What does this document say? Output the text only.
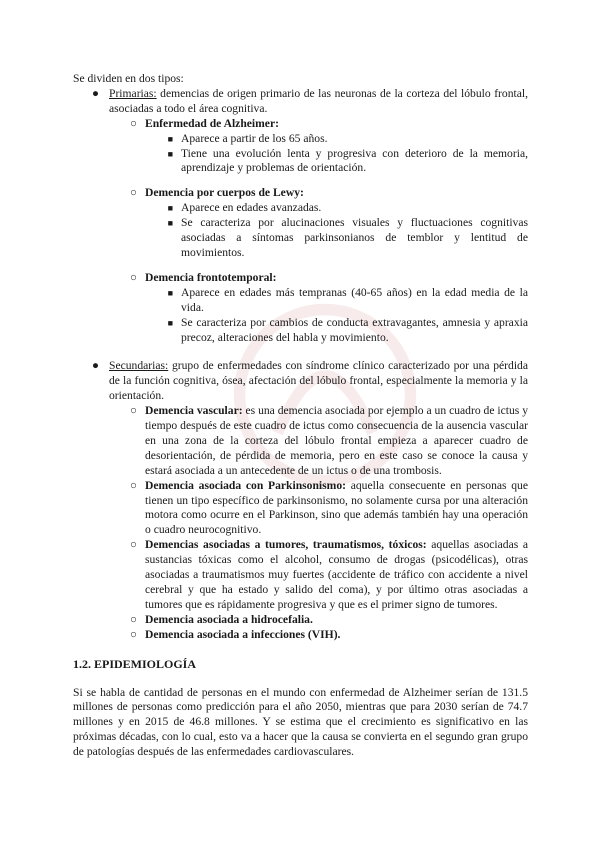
Se dividen en dos tipos:

● Primarias: demencias de origen primario de las neuronas de la corteza del lóbulo frontal, asociadas a todo el área cognitiva.

○ Enfermedad de Alzheimer:

■ Aparece a partir de los 65 años.

■ Tiene una evolución lenta y progresiva con deterioro de la memoria, aprendizaje y problemas de orientación.

○ Demencia por cuerpos de Lewy:

■ Aparece en edades avanzadas.

■ Se caracteriza por alucinaciones visuales y fluctuaciones cognitivas asociadas a síntomas parkinsonianos de temblor y lentitud de movimientos.

○ Demencia frontotemporal:

■ Aparece en edades más tempranas (40-65 años) en la edad media de la vida.

■ Se caracteriza por cambios de conducta extravagantes, amnesia y apraxia precoz, alteraciones del habla y movimiento.

● Secundarias: grupo de enfermedades con síndrome clínico caracterizado por una pérdida de la función cognitiva, ósea, afectación del lóbulo frontal, especialmente la memoria y la orientación.

○ Demencia vascular: es una demencia asociada por ejemplo a un cuadro de ictus y tiempo después de este cuadro de ictus como consecuencia de la ausencia vascular en una zona de la corteza del lóbulo frontal empieza a aparecer cuadro de desorientación, de pérdida de memoria, pero en este caso se conoce la causa y estará asociada a un antecedente de un ictus o de una trombosis.

○ Demencia asociada con Parkinsonismo: aquella consecuente en personas que tienen un tipo específico de parkinsonismo, no solamente cursa por una alteración motora como ocurre en el Parkinson, sino que además también hay una operación o cuadro neurocognitivo.

○ Demencias asociadas a tumores, traumatismos, tóxicos: aquellas asociadas a sustancias tóxicas como el alcohol, consumo de drogas (psicodélicas), otras asociadas a traumatismos muy fuertes (accidente de tráfico con accidente a nivel cerebral y que ha estado y salido del coma), y por último otras asociadas a tumores que es rápidamente progresiva y que es el primer signo de tumores.

○ Demencia asociada a hidrocefalia.

○ Demencia asociada a infecciones (VIH).

1.2. EPIDEMIOLOGÍA

Si se habla de cantidad de personas en el mundo con enfermedad de Alzheimer serían de 131.5 millones de personas como predicción para el año 2050, mientras que para 2030 serían de 74.7 millones y en 2015 de 46.8 millones. Y se estima que el crecimiento es significativo en las próximas décadas, con lo cual, esto va a hacer que la causa se convierta en el segundo gran grupo de patologías después de las enfermedades cardiovasculares.
